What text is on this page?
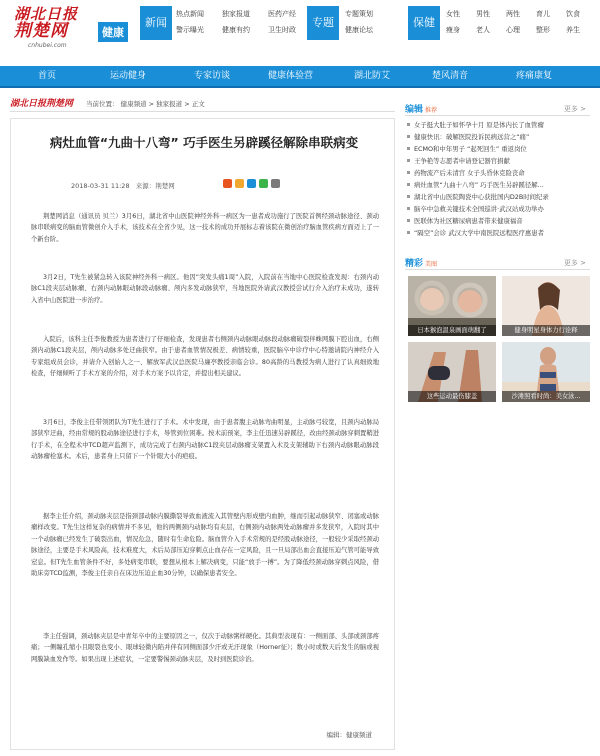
湖北日报
荆楚网	健康
cnhubei.com
新闻
热点新闻	独家报道	医药产经
警示曝光	健康有约	卫生时政
专题
专题策划
健康论坛
保健
女性 男性 两性 育儿 饮食
瘦身 老人 心理 整形 养生
首页	运动健身	专家访谈	健康体验营	湖北防艾	楚风清音	疼痛康复
湖北日报荆楚网 当前位置： 健康频道 > 独家报道 > 正文
病灶血管“九曲十八弯” 巧手医生另辟蹊径解除串联病变
2018-03-31 11:28 来源：荆楚网

荆楚网消息（通讯员 贝兰）3月6日，湖北省中山医院神经外科一病区为一患者成功施行了医院首例经颈动脉途径、颈动脉串联病变的脑血管微创介入手术，该技术在全省少见，这一技术的成功开展标志着该院在微创治疗脑血管疾病方面迈上了一个新台阶。

3月2日，T先生被紧急转入该院神经外科一病区。他因“突发头痛1周”入院，入院前在当地中心医院检查发现：右颈内动脉C1段夹层动脉瘤、右颈内动脉眼动脉段动脉瘤、颅内多发动脉狭窄，当地医院外请武汉教授尝试行介入治疗未成功，遂转入省中山医院进一步治疗。

入院后，该科主任李俊教授为患者进行了仔细检查，发现患者右侧颈内动脉眼动脉段动脉瘤破裂伴蛛网膜下腔出血，右侧颈内动脉C1段夹层，颅内动脉多处迂曲狭窄。由于患者血管情况极差、病情较重，医院脑卒中诊疗中心特邀请院内神经介入专家组成员会诊，并请介入创始人之一、解放军武汉总医院马廉亭教授亲临会诊。80高龄的马教授为病人进行了认真细致地检查，仔细倾听了手术方案的介绍，对手术方案予以肯定，并提出相关建议。

3月6日，李俊主任带领团队为T先生进行了手术。术中发现，由于患者腹主动脉弯曲明显，主动脉弓较宽，且颈内动脉局部狭窄迂曲，经由常规的股动脉途径进行手术，导管到位困难。按术前预案，李主任迅速另辟蹊径，改由经颈动脉穿刺置鞘进行手术，在全程术中TCD超声监测下，成功完成了右颈内动脉C1段夹层动脉瘤支架置入术及支架辅助下右颈内动脉眼动脉段动脉瘤栓塞术。术后，患者身上只留下一个针眼大小的疤痕。

据李主任介绍，颈动脉夹层是指颈部动脉内膜撕裂导致血液流入其管壁内形成壁内血肿，继而引起动脉狭窄、闭塞或动脉瘤样改变。T先生这样复杂的病情并不多见，他的两侧颈内动脉均有夹层，右侧颈内动脉两处动脉瘤并多发狭窄，入院时其中一个动脉瘤已经发生了破裂出血，情况危急，随时有生命危险。脑血管介入手术常规的是经股动脉途径，一般较少采取经颈动脉途径，主要是手术风险高，技术难度大，术后局部压迫穿刺点止血存在一定风险，且一旦局部出血会直接压迫气管可能导致窒息。但T先生血管条件不好，多处病变串联，要想从根本上解决病变，只能“放手一搏”。为了降低经颈动脉穿刺点风险，借助床旁TCD监测，李俊主任亲自在床边压迫止血30分钟，以确保患者安全。

李主任强调，颈动脉夹层是中青年卒中的主要原因之一，仅次于动脉粥样硬化。其典型表现有：一侧面部、头部或颈部疼痛；一侧瞳孔缩小且眼裂也变小、眼球轻微内陷并伴有同侧面部少汗或无汗现象（Horner征）；数小时或数天后发生的脑或视网膜缺血发作等。如果出现上述症状，一定要警惕颈动脉夹层，及时到医院诊治。

编辑：健康频道
编辑 推荐	更多 >
女子挺大肚子如怀孕十月 原是体内长了血管瘤
健康快讯：破解医院投诉民病远营之“痛”
ECMO和中年男子 “起死回生” 重返岗位
王争艳等志愿者申请登记器官捐献
药物流产后未清宫 女子头昏休克险丧命
病灶血管“九曲十八弯” 巧手医生另辟蹊径解...
湖北省中山医院陶瓷中心获批国内D2B时间纪录
脑卒中急救关键技术全国巡讲·武汉站成功举办
医联体为社区糖尿病患者带来健康福音
“隔空”会诊 武汉大学中南医院远程医疗惠患者
精彩 美图	更多 >
日本猴泡温泉画面萌翻了	健身明星身体力行诠释
这些运动最伤膝盖	沙滩照看时尚：美女泳...
